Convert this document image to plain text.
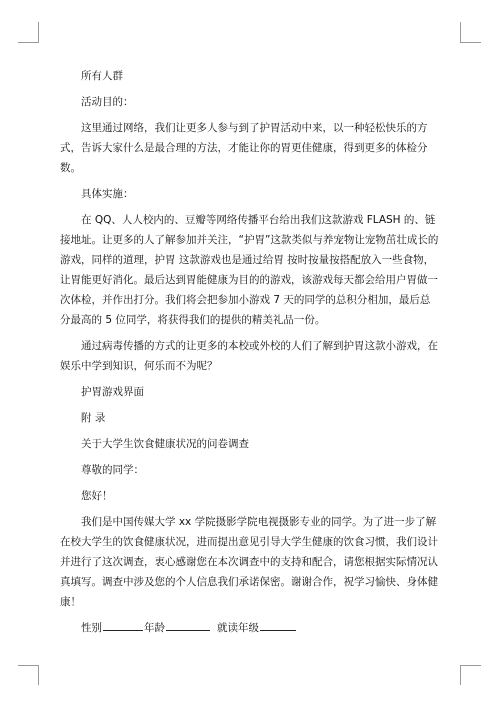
所有人群

活动目的：

这里通过网络，我们让更多人参与到了护胃活动中来，以一种轻松快乐的方式，告诉大家什么是最合理的方法，才能让你的胃更佳健康，得到更多的体检分数。

具体实施：

在 QQ、人人校内的、豆瓣等网络传播平台给出我们这款游戏 FLASH 的、链接地址。让更多的人了解参加并关注，“护胃”这款类似与养宠物让宠物茁壮成长的游戏，同样的道理，护胃 这款游戏也是通过给胃 按时按量按搭配放入一些食物，让胃能更好消化。最后达到胃能健康为目的的游戏，该游戏每天都会给用户胃做一次体检，并作出打分。我们将会把参加小游戏 7 天的同学的总积分相加，最后总分最高的 5 位同学，将获得我们的提供的精美礼品一份。

通过病毒传播的方式的让更多的本校或外校的人们了解到护胃这款小游戏，在娱乐中学到知识，何乐而不为呢？

护胃游戏界面

附 录

关于大学生饮食健康状况的问卷调查

尊敬的同学：

您好！

我们是中国传媒大学 xx 学院摄影学院电视摄影专业的同学。为了进一步了解在校大学生的饮食健康状况，进而提出意见引导大学生健康的饮食习惯，我们设计并进行了这次调查，衷心感谢您在本次调查中的支持和配合，请您根据实际情况认真填写。调查中涉及您的个人信息我们承诺保密。谢谢合作，祝学习愉快、身体健康！

性别	年龄	就读年级
